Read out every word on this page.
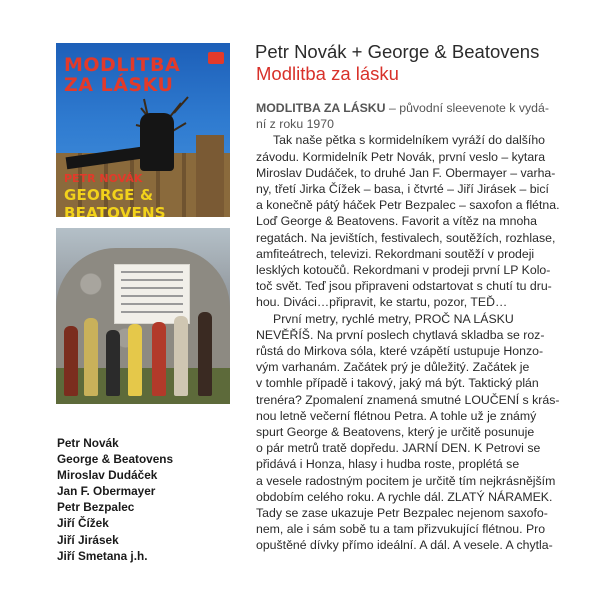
MODLITBA
ZA LÁSKU
PETR NOVÁK
GEORGE & BEATOVENS
Petr Novák + George & Beatovens
Modlitba za lásku
MODLITBA ZA LÁSKU – původní sleevenote k vydá-
ní z roku 1970
Tak naše pětka s kormidelníkem vyráží do dalšího
závodu. Kormidelník Petr Novák, první veslo – kytara
Miroslav Dudáček, to druhé Jan F. Obermayer – varha-
ny, třetí Jirka Čížek – basa, i čtvrté – Jiří Jirásek – bicí
a konečně pátý háček Petr Bezpalec – saxofon a flétna.
Loď George & Beatovens. Favorit a vítěz na mnoha
regatách. Na jevištích, festivalech, soutěžích, rozhlase,
amfiteátrech, televizi. Rekordmani soutěží v prodeji
lesklých kotoučů. Rekordmani v prodeji první LP Kolo-
toč svět. Teď jsou připraveni odstartovat s chutí tu dru-
hou. Diváci…připravit, ke startu, pozor, TEĎ…
První metry, rychlé metry, PROČ NA LÁSKU
NEVĚŘÍŠ. Na první poslech chytlavá skladba se roz-
růstá do Mirkova sóla, které vzápětí ustupuje Honzo-
vým varhanám. Začátek prý je důležitý. Začátek je
v tomhle případě i takový, jaký má být. Taktický plán
trenéra? Zpomalení znamená smutné LOUČENÍ s krás-
nou letně večerní flétnou Petra. A tohle už je známý
spurt George & Beatovens, který je určitě posunuje
o pár metrů tratě dopředu. JARNÍ DEN. K Petrovi se
přidává i Honza, hlasy i hudba roste, proplétá se
a vesele radostným pocitem je určitě tím nejkrásnějším
obdobím celého roku. A rychle dál. ZLATÝ NÁRAMEK.
Tady se zase ukazuje Petr Bezpalec nejenom saxofo-
nem, ale i sám sobě tu a tam přizvukující flétnou. Pro
opuštěné dívky přímo ideální. A dál. A vesele. A chytla-
Petr Novák
George & Beatovens
Miroslav Dudáček
Jan F. Obermayer
Petr Bezpalec
Jiří Čížek
Jiří Jirásek
Jiří Smetana j.h.
